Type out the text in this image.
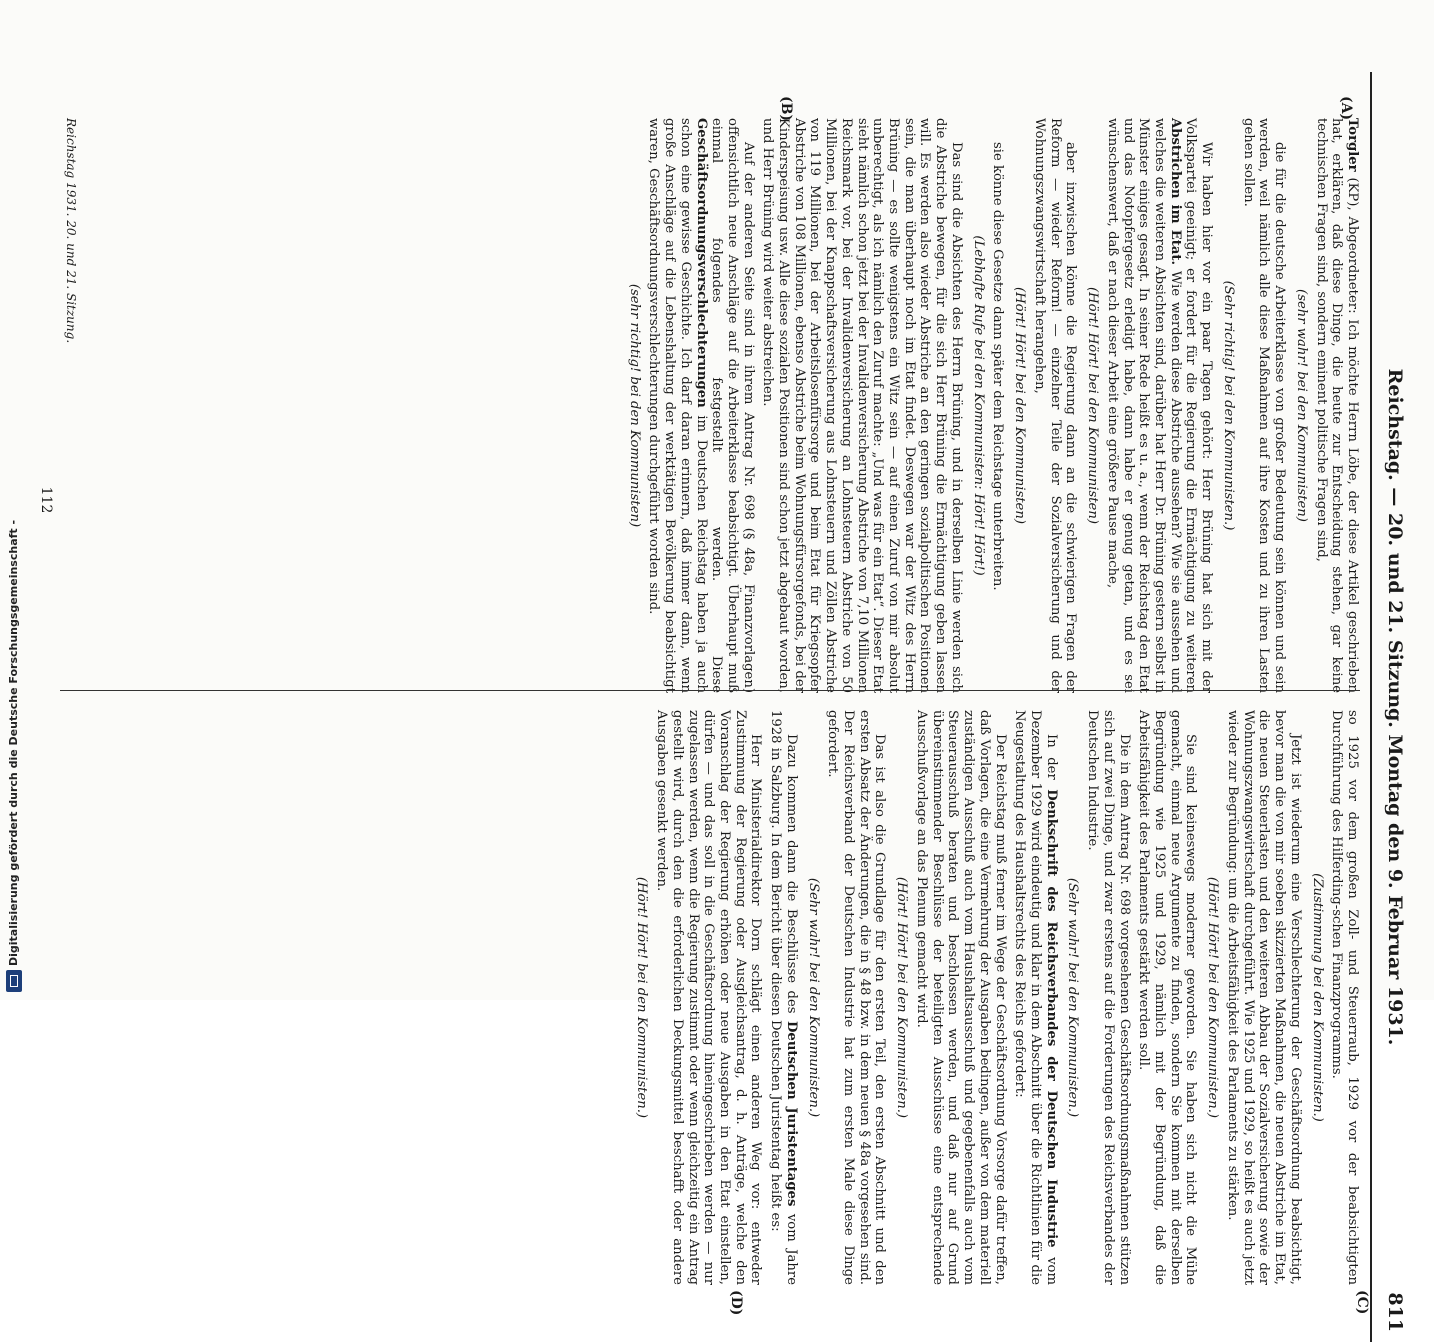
Reichstag. — 20. und 21. Sitzung. Montag den 9. Februar 1931.
811
(A)
(B)
(C)
(D)

Torgler (KP), Abgeordneter: Ich möchte Herrn Löbe, der diese Artikel geschrieben hat, erklären, daß diese Dinge, die heute zur Entscheidung stehen, gar keine technischen Fragen sind, sondern eminent politische Fragen sind,

(sehr wahr! bei den Kommunisten)

die für die deutsche Arbeiterklasse von großer Bedeutung sein können und sein werden, weil nämlich alle diese Maßnahmen auf ihre Kosten und zu ihren Lasten gehen sollen.

(Sehr richtig! bei den Kommunisten.)

Wir haben hier vor ein paar Tagen gehört: Herr Brüning hat sich mit der Volkspartei geeinigt; er fordert für die Regierung die Ermächtigung zu weiteren Abstrichen im Etat. Wie werden diese Abstriche aussehen? Wie sie aussehen und welches die weiteren Absichten sind, darüber hat Herr Dr. Brüning gestern selbst in Münster einiges gesagt. In seiner Rede heißt es u. a., wenn der Reichstag den Etat und das Notopfergesetz erledigt habe, dann habe er genug getan, und es sei wünschenswert, daß er nach dieser Arbeit eine größere Pause mache,

(Hört! Hört! bei den Kommunisten)

aber inzwischen könne die Regierung dann an die schwierigen Fragen der Reform — wieder Reform! — einzelner Teile der Sozialversicherung und der Wohnungszwangswirtschaft herangehen,

(Hört! Hört! bei den Kommunisten)

sie könne diese Gesetze dann später dem Reichstage unterbreiten.

(Lebhafte Rufe bei den Kommunisten: Hört! Hört!)

Das sind die Absichten des Herrn Brüning, und in derselben Linie werden sich die Abstriche bewegen, für die sich Herr Brüning die Ermächtigung geben lassen will. Es werden also wieder Abstriche an den geringen sozialpolitischen Positionen sein, die man überhaupt noch im Etat findet. Deswegen war der Witz des Herrn Brüning — es sollte wenigstens ein Witz sein — auf einen Zuruf von mir absolut unberechtigt, als ich nämlich den Zuruf machte: „Und was für ein Etat“. Dieser Etat sieht nämlich schon jetzt bei der Invalidenversicherung Abstriche von 7,10 Millionen Reichsmark vor, bei der Invalidenversicherung an Lohnsteuern Abstriche von 50 Millionen, bei der Knappschaftsversicherung aus Lohnsteuern und Zöllen Abstriche von 119 Millionen, bei der Arbeitslosenfürsorge und beim Etat für Kriegsopfer Abstriche von 108 Millionen, ebenso Abstriche beim Wohnungsfürsorgefonds, bei der Kinderspeisung usw. Alle diese sozialen Positionen sind schon jetzt abgebaut worden, und Herr Brüning wird weiter abstreichen.

Auf der anderen Seite sind in ihrem Antrag Nr. 698 (§ 48a, Finanzvorlagen) offensichtlich neue Anschläge auf die Arbeiterklasse beabsichtigt. Überhaupt muß einmal folgendes festgestellt werden. Diese Geschäftsordnungsverschlechterungen im Deutschen Reichstag haben ja auch schon eine gewisse Geschichte. Ich darf daran erinnern, daß immer dann, wenn große Anschläge auf die Lebenshaltung der werktätigen Bevölkerung beabsichtigt waren, Geschäftsordnungsverschlechterungen durchgeführt worden sind.

(sehr richtig! bei den Kommunisten)

so 1925 vor dem großen Zoll- und Steuerraub, 1929 vor der beabsichtigten Durchführung des Hilferding-schen Finanzprogramms.

(Zustimmung bei den Kommunisten.)

Jetzt ist wiederum eine Verschlechterung der Geschäftsordnung beabsichtigt, bevor man die von mir soeben skizzierten Maßnahmen, die neuen Abstriche im Etat, die neuen Steuerlasten und den weiteren Abbau der Sozialversicherung sowie der Wohnungszwangswirtschaft durchgeführt. Wie 1925 und 1929, so heißt es auch jetzt wieder zur Begründung: um die Arbeitsfähigkeit des Parlaments zu stärken.

(Hört! Hört! bei den Kommunisten.)

Sie sind keineswegs moderner geworden. Sie haben sich nicht die Mühe gemacht, einmal neue Argumente zu finden, sondern Sie kommen mit derselben Begründung wie 1925 und 1929, nämlich mit der Begründung, daß die Arbeitsfähigkeit des Parlaments gestärkt werden soll.

Die in dem Antrag Nr. 698 vorgesehenen Geschäftsordnungsmaßnahmen stützen sich auf zwei Dinge, und zwar erstens auf die Forderungen des Reichsverbandes der Deutschen Industrie.

(Sehr wahr! bei den Kommunisten.)

In der Denkschrift des Reichsverbandes der Deutschen Industrie vom Dezember 1929 wird eindeutig und klar in dem Abschnitt über die Richtlinien für die Neugestaltung des Haushaltsrechts des Reichs gefordert:

Der Reichstag muß ferner im Wege der Geschäftsordnung Vorsorge dafür treffen, daß Vorlagen, die eine Vermehrung der Ausgaben bedingen, außer von dem materiell zuständigen Ausschuß auch vom Haushaltsausschuß und gegebenenfalls auch vom Steuerausschuß beraten und beschlossen werden, und daß nur auf Grund übereinstimmender Beschlüsse der beteiligten Ausschüsse eine entsprechende Ausschußvorlage an das Plenum gemacht wird.

(Hört! Hört! bei den Kommunisten.)

Das ist also die Grundlage für den ersten Teil, den ersten Abschnitt und den ersten Absatz der Änderungen, die in § 48 bzw. in dem neuen § 48a vorgesehen sind. Der Reichsverband der Deutschen Industrie hat zum ersten Male diese Dinge gefordert.

(Sehr wahr! bei den Kommunisten.)

Dazu kommen dann die Beschlüsse des Deutschen Juristentages vom Jahre 1928 in Salzburg. In dem Bericht über diesen Deutschen Juristentag heißt es:

Herr Ministerialdirektor Dorn schlägt einen anderen Weg vor: entweder Zustimmung der Regierung oder Ausgleichsantrag, d. h. Anträge, welche den Voranschlag der Regierung erhöhen oder neue Ausgaben in den Etat einstellen, dürfen — und das soll in die Geschäftsordnung hineingeschrieben werden — nur zugelassen werden, wenn die Regierung zustimmt oder wenn gleichzeitig ein Antrag gestellt wird, durch den die erforderlichen Deckungsmittel beschafft oder andere Ausgaben gesenkt werden.

(Hört! Hört! bei den Kommunisten.)
Reichstag 1931. 20. und 21. Sitzung.
112
Digitalisierung gefördert durch die Deutsche Forschungsgemeinschaft -
